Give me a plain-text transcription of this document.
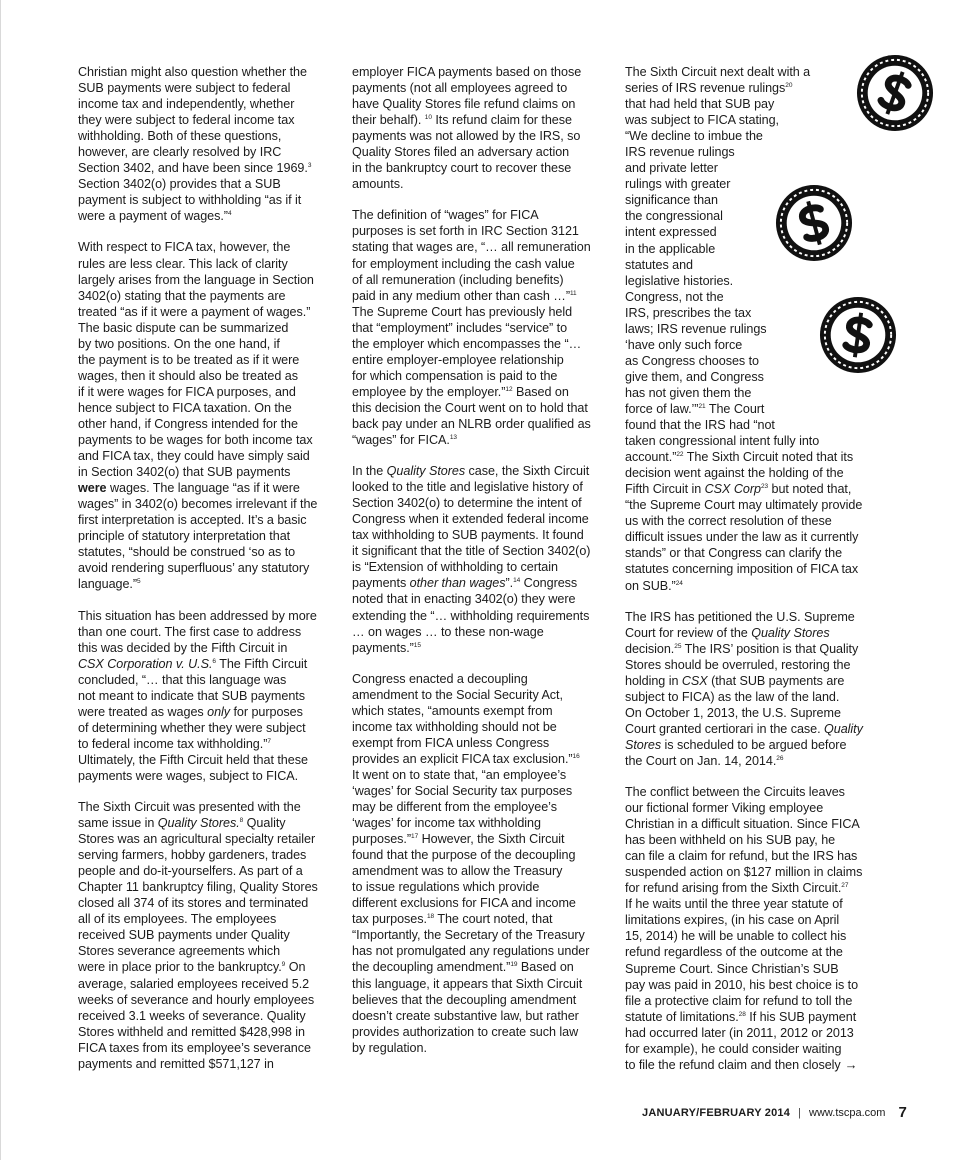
Christian might also question whether the
SUB payments were subject to federal
income tax and independently, whether
they were subject to federal income tax
withholding. Both of these questions,
however, are clearly resolved by IRC
Section 3402, and have been since 1969.$^3$
Section 3402(o) provides that a SUB
payment is subject to withholding “as if it
were a payment of wages.”$^4$

With respect to FICA tax, however, the
rules are less clear. This lack of clarity
largely arises from the language in Section
3402(o) stating that the payments are
treated “as if it were a payment of wages.”
The basic dispute can be summarized
by two positions. On the one hand, if
the payment is to be treated as if it were
wages, then it should also be treated as
if it were wages for FICA purposes, and
hence subject to FICA taxation. On the
other hand, if Congress intended for the
payments to be wages for both income tax
and FICA tax, they could have simply said
in Section 3402(o) that SUB payments
were wages. The language “as if it were
wages” in 3402(o) becomes irrelevant if the
first interpretation is accepted. It’s a basic
principle of statutory interpretation that
statutes, “should be construed ‘so as to
avoid rendering superfluous’ any statutory
language.”$^5$

This situation has been addressed by more
than one court. The first case to address
this was decided by the Fifth Circuit in
CSX Corporation v. U.S.$^6$ The Fifth Circuit
concluded, “… that this language was
not meant to indicate that SUB payments
were treated as wages only for purposes
of determining whether they were subject
to federal income tax withholding.”$^7$
Ultimately, the Fifth Circuit held that these
payments were wages, subject to FICA.

The Sixth Circuit was presented with the
same issue in Quality Stores.$^8$ Quality
Stores was an agricultural specialty retailer
serving farmers, hobby gardeners, trades
people and do-it-yourselfers. As part of a
Chapter 11 bankruptcy filing, Quality Stores
closed all 374 of its stores and terminated
all of its employees. The employees
received SUB payments under Quality
Stores severance agreements which
were in place prior to the bankruptcy.$^9$ On
average, salaried employees received 5.2
weeks of severance and hourly employees
received 3.1 weeks of severance. Quality
Stores withheld and remitted $428,998 in
FICA taxes from its employee’s severance
payments and remitted $571,127 in

employer FICA payments based on those
payments (not all employees agreed to
have Quality Stores file refund claims on
their behalf). $^{10}$ Its refund claim for these
payments was not allowed by the IRS, so
Quality Stores filed an adversary action
in the bankruptcy court to recover these
amounts.

The definition of “wages” for FICA
purposes is set forth in IRC Section 3121
stating that wages are, “… all remuneration
for employment including the cash value
of all remuneration (including benefits)
paid in any medium other than cash …”$^{11}$
The Supreme Court has previously held
that “employment” includes “service” to
the employer which encompasses the “…
entire employer-employee relationship
for which compensation is paid to the
employee by the employer.”$^{12}$ Based on
this decision the Court went on to hold that
back pay under an NLRB order qualified as
“wages” for FICA.$^{13}$

In the Quality Stores case, the Sixth Circuit
looked to the title and legislative history of
Section 3402(o) to determine the intent of
Congress when it extended federal income
tax withholding to SUB payments. It found
it significant that the title of Section 3402(o)
is “Extension of withholding to certain
payments other than wages”.$^{14}$ Congress
noted that in enacting 3402(o) they were
extending the “… withholding requirements
… on wages … to these non-wage
payments.”$^{15}$

Congress enacted a decoupling
amendment to the Social Security Act,
which states, “amounts exempt from
income tax withholding should not be
exempt from FICA unless Congress
provides an explicit FICA tax exclusion.”$^{16}$
It went on to state that, “an employee’s
‘wages’ for Social Security tax purposes
may be different from the employee’s
‘wages’ for income tax withholding
purposes.”$^{17}$ However, the Sixth Circuit
found that the purpose of the decoupling
amendment was to allow the Treasury
to issue regulations which provide
different exclusions for FICA and income
tax purposes.$^{18}$ The court noted, that
“Importantly, the Secretary of the Treasury
has not promulgated any regulations under
the decoupling amendment.”$^{19}$ Based on
this language, it appears that Sixth Circuit
believes that the decoupling amendment
doesn’t create substantive law, but rather
provides authorization to create such law
by regulation.

The Sixth Circuit next dealt with a
series of IRS revenue rulings$^{20}$
that had held that SUB pay
was subject to FICA stating,
“We decline to imbue the
IRS revenue rulings
and private letter
rulings with greater
significance than
the congressional
intent expressed
in the applicable
statutes and
legislative histories.
Congress, not the
IRS, prescribes the tax
laws; IRS revenue rulings
‘have only such force
as Congress chooses to
give them, and Congress
has not given them the
force of law.’”$^{21}$ The Court
found that the IRS had “not
taken congressional intent fully into
account.”$^{22}$ The Sixth Circuit noted that its
decision went against the holding of the
Fifth Circuit in CSX Corp$^{23}$ but noted that,
“the Supreme Court may ultimately provide
us with the correct resolution of these
difficult issues under the law as it currently
stands” or that Congress can clarify the
statutes concerning imposition of FICA tax
on SUB.”$^{24}$

The IRS has petitioned the U.S. Supreme
Court for review of the Quality Stores
decision.$^{25}$ The IRS’ position is that Quality
Stores should be overruled, restoring the
holding in CSX (that SUB payments are
subject to FICA) as the law of the land.
On October 1, 2013, the U.S. Supreme
Court granted certiorari in the case. Quality
Stores is scheduled to be argued before
the Court on Jan. 14, 2014.26

The conflict between the Circuits leaves
our fictional former Viking employee
Christian in a difficult situation. Since FICA
has been withheld on his SUB pay, he
can file a claim for refund, but the IRS has
suspended action on $127 million in claims
for refund arising from the Sixth Circuit.$^{27}$
If he waits until the three year statute of
limitations expires, (in his case on April
15, 2014) he will be unable to collect his
refund regardless of the outcome at the
Supreme Court. Since Christian’s SUB
pay was paid in 2010, his best choice is to
file a protective claim for refund to toll the
statute of limitations.$^{28}$ If his SUB payment
had occurred later (in 2011, 2012 or 2013
for example), he could consider waiting
to file the refund claim and then closely →

JANUARY/FEBRUARY 2014 | www.tscpa.com 7
